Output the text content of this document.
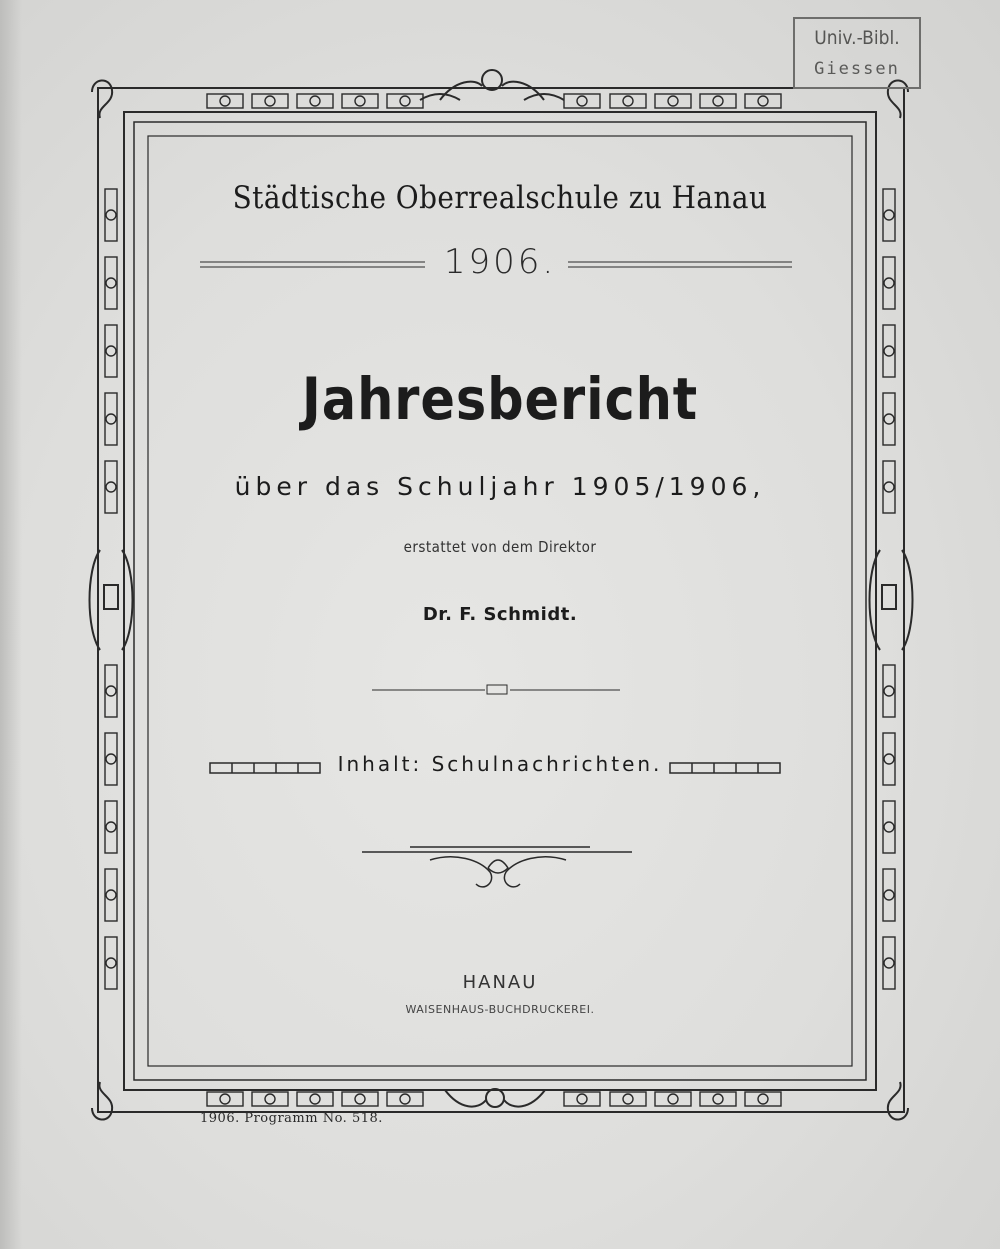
Univ.-Bibl.
Giessen
Städtische Oberrealschule zu Hanau
1906.
Jahresbericht
über das Schuljahr 1905/1906,
erstattet von dem Direktor
Dr. F. Schmidt.
Inhalt: Schulnachrichten.
HANAU
WAISENHAUS-BUCHDRUCKEREI.
1906. Programm No. 518.
